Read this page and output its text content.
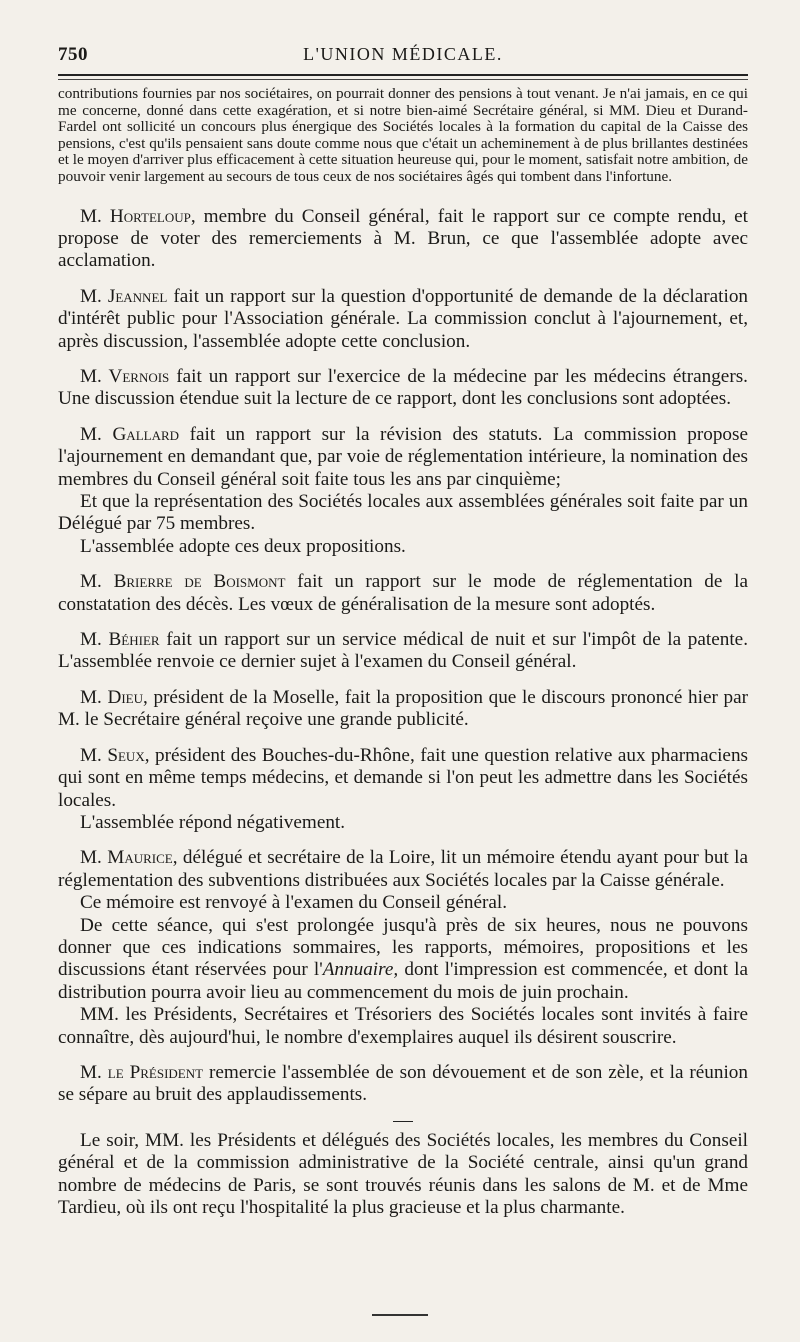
750	L'UNION MÉDICALE.

contributions fournies par nos sociétaires, on pourrait donner des pensions à tout venant. Je n'ai jamais, en ce qui me concerne, donné dans cette exagération, et si notre bien-aimé Secrétaire général, si MM. Dieu et Durand-Fardel ont sollicité un concours plus énergique des Sociétés locales à la formation du capital de la Caisse des pensions, c'est qu'ils pensaient sans doute comme nous que c'était un acheminement à de plus brillantes destinées et le moyen d'arriver plus efficacement à cette situation heureuse qui, pour le moment, satisfait notre ambition, de pouvoir venir largement au secours de tous ceux de nos sociétaires âgés qui tombent dans l'infortune.

M. Horteloup, membre du Conseil général, fait le rapport sur ce compte rendu, et propose de voter des remerciements à M. Brun, ce que l'assemblée adopte avec acclamation.

M. Jeannel fait un rapport sur la question d'opportunité de demande de la déclaration d'intérêt public pour l'Association générale. La commission conclut à l'ajournement, et, après discussion, l'assemblée adopte cette conclusion.

M. Vernois fait un rapport sur l'exercice de la médecine par les médecins étrangers. Une discussion étendue suit la lecture de ce rapport, dont les conclusions sont adoptées.

M. Gallard fait un rapport sur la révision des statuts. La commission propose l'ajournement en demandant que, par voie de réglementation intérieure, la nomination des membres du Conseil général soit faite tous les ans par cinquième;

Et que la représentation des Sociétés locales aux assemblées générales soit faite par un Délégué par 75 membres.

L'assemblée adopte ces deux propositions.

M. Brierre de Boismont fait un rapport sur le mode de réglementation de la constatation des décès. Les vœux de généralisation de la mesure sont adoptés.

M. Béhier fait un rapport sur un service médical de nuit et sur l'impôt de la patente. L'assemblée renvoie ce dernier sujet à l'examen du Conseil général.

M. Dieu, président de la Moselle, fait la proposition que le discours prononcé hier par M. le Secrétaire général reçoive une grande publicité.

M. Seux, président des Bouches-du-Rhône, fait une question relative aux pharmaciens qui sont en même temps médecins, et demande si l'on peut les admettre dans les Sociétés locales.

L'assemblée répond négativement.

M. Maurice, délégué et secrétaire de la Loire, lit un mémoire étendu ayant pour but la réglementation des subventions distribuées aux Sociétés locales par la Caisse générale.

Ce mémoire est renvoyé à l'examen du Conseil général.

De cette séance, qui s'est prolongée jusqu'à près de six heures, nous ne pouvons donner que ces indications sommaires, les rapports, mémoires, propositions et les discussions étant réservées pour l'Annuaire, dont l'impression est commencée, et dont la distribution pourra avoir lieu au commencement du mois de juin prochain.

MM. les Présidents, Secrétaires et Trésoriers des Sociétés locales sont invités à faire connaître, dès aujourd'hui, le nombre d'exemplaires auquel ils désirent souscrire.

M. le Président remercie l'assemblée de son dévouement et de son zèle, et la réunion se sépare au bruit des applaudissements.

Le soir, MM. les Présidents et délégués des Sociétés locales, les membres du Conseil général et de la commission administrative de la Société centrale, ainsi qu'un grand nombre de médecins de Paris, se sont trouvés réunis dans les salons de M. et de Mme Tardieu, où ils ont reçu l'hospitalité la plus gracieuse et la plus charmante.
